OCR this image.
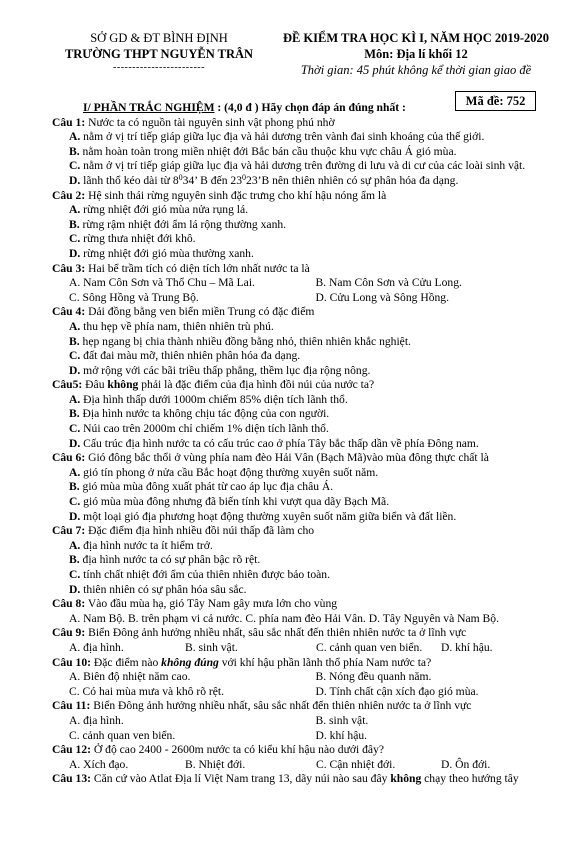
SỞ GD & ĐT BÌNH ĐỊNH
TRƯỜNG THPT NGUYỄN TRÂN
------------------------
ĐỀ KIỂM TRA HỌC KÌ I, NĂM HỌC 2019-2020
Môn: Địa lí khối 12
Thời gian: 45 phút không kể thời gian giao đề
Mã đề: 752
I/ PHẦN TRẮC NGHIỆM : (4,0 đ ) Hãy chọn đáp án đúng nhất :
Câu 1: Nước ta có nguồn tài nguyên sinh vật phong phú nhờ
A. nằm ở vị trí tiếp giáp giữa lục địa và hải dương trên vành đai sinh khoáng của thế giới.
B. nằm hoàn toàn trong miền nhiệt đới Bắc bán cầu thuộc khu vực châu Á gió mùa.
C. nằm ở vị trí tiếp giáp giữa lục địa và hải dương trên đường di lưu và di cư của các loài sinh vật.
D. lãnh thổ kéo dài từ $8^034$’ B đến $23^023’B$ nên thiên nhiên có sự phân hóa đa dạng.
Câu 2: Hệ sinh thái rừng nguyên sinh đặc trưng cho khí hậu nóng ẩm là
A. rừng nhiệt đới gió mùa nửa rụng lá.
B. rừng rậm nhiệt đới ẩm lá rộng thường xanh.
C. rừng thưa nhiệt đới khô.
D. rừng nhiệt đới gió mùa thường xanh.
Câu 3: Hai bể trầm tích có diện tích lớn nhất nước ta là
A. Nam Côn Sơn và Thổ Chu – Mã Lai.	B. Nam Côn Sơn và Cửu Long.
C. Sông Hồng và Trung Bộ.	D. Cửu Long và Sông Hồng.
Câu 4: Dải đồng bằng ven biển miền Trung có đặc điểm
A. thu hẹp về phía nam, thiên nhiên trù phú.
B. hẹp ngang bị chia thành nhiều đồng bằng nhỏ, thiên nhiên khắc nghiệt.
C. đất đai màu mỡ, thiên nhiên phân hóa đa dạng.
D. mở rộng với các bãi triều thấp phẳng, thềm lục địa rộng nông.
Câu5: Đâu không phải là đặc điểm của địa hình đồi núi của nước ta?
A. Địa hình thấp dưới 1000m chiếm 85% diện tích lãnh thổ.
B. Địa hình nước ta không chịu tác động của con người.
C. Núi cao trên 2000m chỉ chiếm 1% diện tích lãnh thổ.
D. Cấu trúc địa hình nước ta có cấu trúc cao ở phía Tây bắc thấp dần về phía Đông nam.
Câu 6: Gió đông bắc thổi ở vùng phía nam đèo Hải Vân (Bạch Mã)vào mùa đông thực chất là
A. gió tín phong ở nửa cầu Bắc hoạt động thường xuyên suốt năm.
B. gió mùa mùa đông xuất phát từ cao áp lục địa châu Á.
C. gió mùa mùa đông nhưng đã biến tính khi vượt qua dãy Bạch Mã.
D. một loại gió địa phương hoạt động thường xuyên suốt năm giữa biển và đất liền.
Câu 7: Đặc điểm địa hình nhiều đồi núi thấp đã làm cho
A. địa hình nước ta ít hiểm trở.
B. địa hình nước ta có sự phân bậc rõ rệt.
C. tính chất nhiệt đới ẩm của thiên nhiên được bảo toàn.
D. thiên nhiên có sự phân hóa sâu sắc.
Câu 8: Vào đầu mùa hạ, gió Tây Nam gây mưa lớn cho vùng
A. Nam Bộ. B. trên phạm vi cả nước. C. phía nam đèo Hải Vân. D. Tây Nguyên và Nam Bộ.
Câu 9: Biển Đông ảnh hưởng nhiều nhất, sâu sắc nhất đến thiên nhiên nước ta ở lĩnh vực
A. địa hình.	B. sinh vật.	C. cảnh quan ven biển.	D. khí hậu.
Câu 10: Đặc điểm nào không đúng với khí hậu phần lãnh thổ phía Nam nước ta?
A. Biên độ nhiệt năm cao.	B. Nóng đều quanh năm.
C. Có hai mùa mưa và khô rõ rệt.	D. Tính chất cận xích đạo gió mùa.
Câu 11: Biển Đông ảnh hưởng nhiều nhất, sâu sắc nhất đến thiên nhiên nước ta ở lĩnh vực
A. địa hình.	B. sinh vật.
C. cảnh quan ven biển.	D. khí hậu.
Câu 12: Ở độ cao 2400 - 2600m nước ta có kiểu khí hậu nào dưới đây?
A. Xích đạo.	B. Nhiệt đới.	C. Cận nhiệt đới.	D. Ôn đới.
Câu 13: Căn cứ vào Atlat Địa lí Việt Nam trang 13, dãy núi nào sau đây không chạy theo hướng tây
